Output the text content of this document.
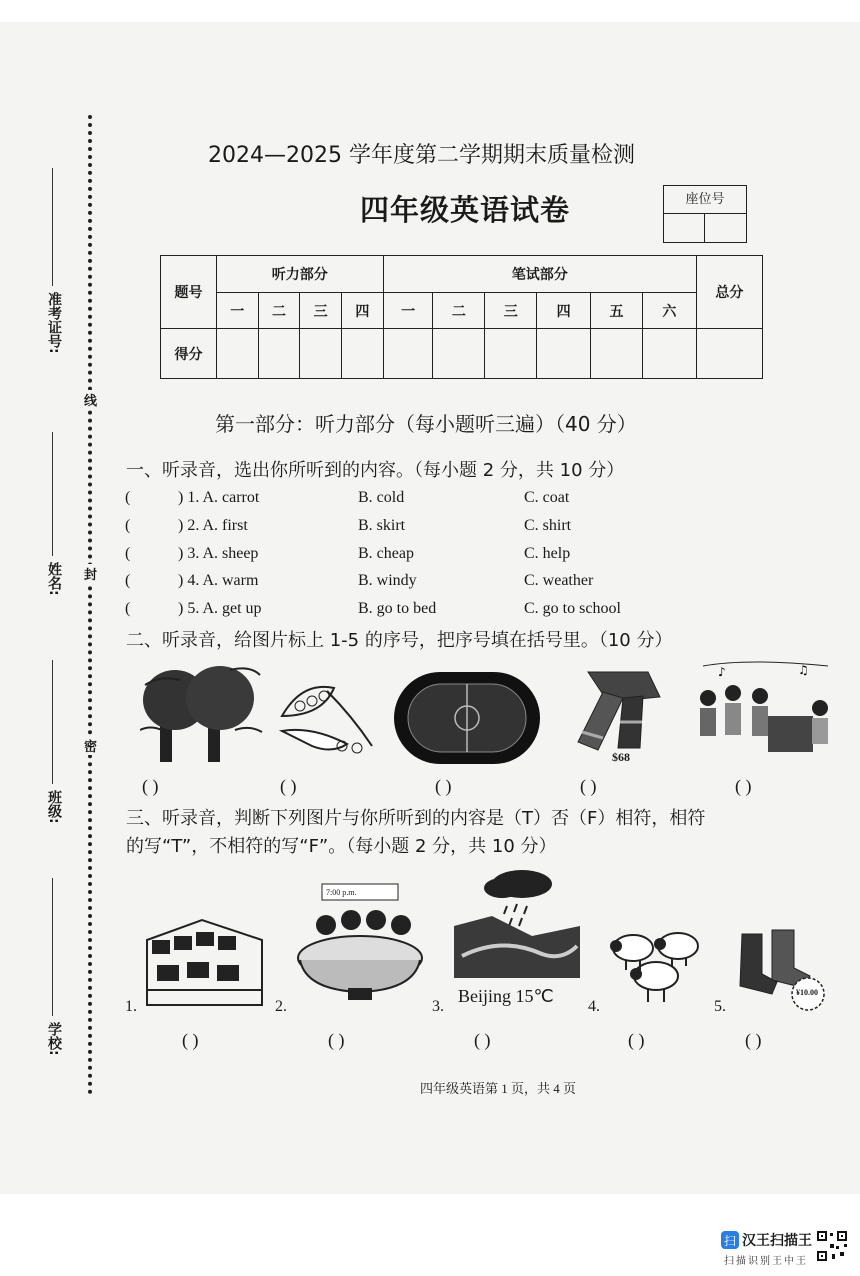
准考证号:
姓名:
班级:
学校:
线
封
密
2024—2025 学年度第二学期期末质量检测
四年级英语试卷	座位号
题号	听力部分				笔试部分						总分
	一	二	三	四	一	二	三	四	五	六	
得分											
第一部分：听力部分（每小题听三遍）（40 分）
一、听录音，选出你所听到的内容。（每小题 2 分，共 10 分）
(	) 1. A. carrot	B. cold	C. coat
(	) 2. A. first	B. skirt	C. shirt
(	) 3. A. sheep	B. cheap	C. help
(	) 4. A. warm	B. windy	C. weather
(	) 5. A. get up	B. go to bed	C. go to school
二、听录音，给图片标上 1-5 的序号，把序号填在括号里。（10 分）
$68
♪	♫
( )	( )	( )	( )	( )
三、听录音，判断下列图片与你所听到的内容是（T）否（F）相符，相符
的写“T”，不相符的写“F”。（每小题 2 分，共 10 分）
1.	2.
7:00 p.m.
3.
Beijing 15℃
4.	5.
¥10.00
( )	( )	( )	( )	( )
四年级英语第 1 页，共 4 页
扫 汉王扫描王
扫描识别王中王
